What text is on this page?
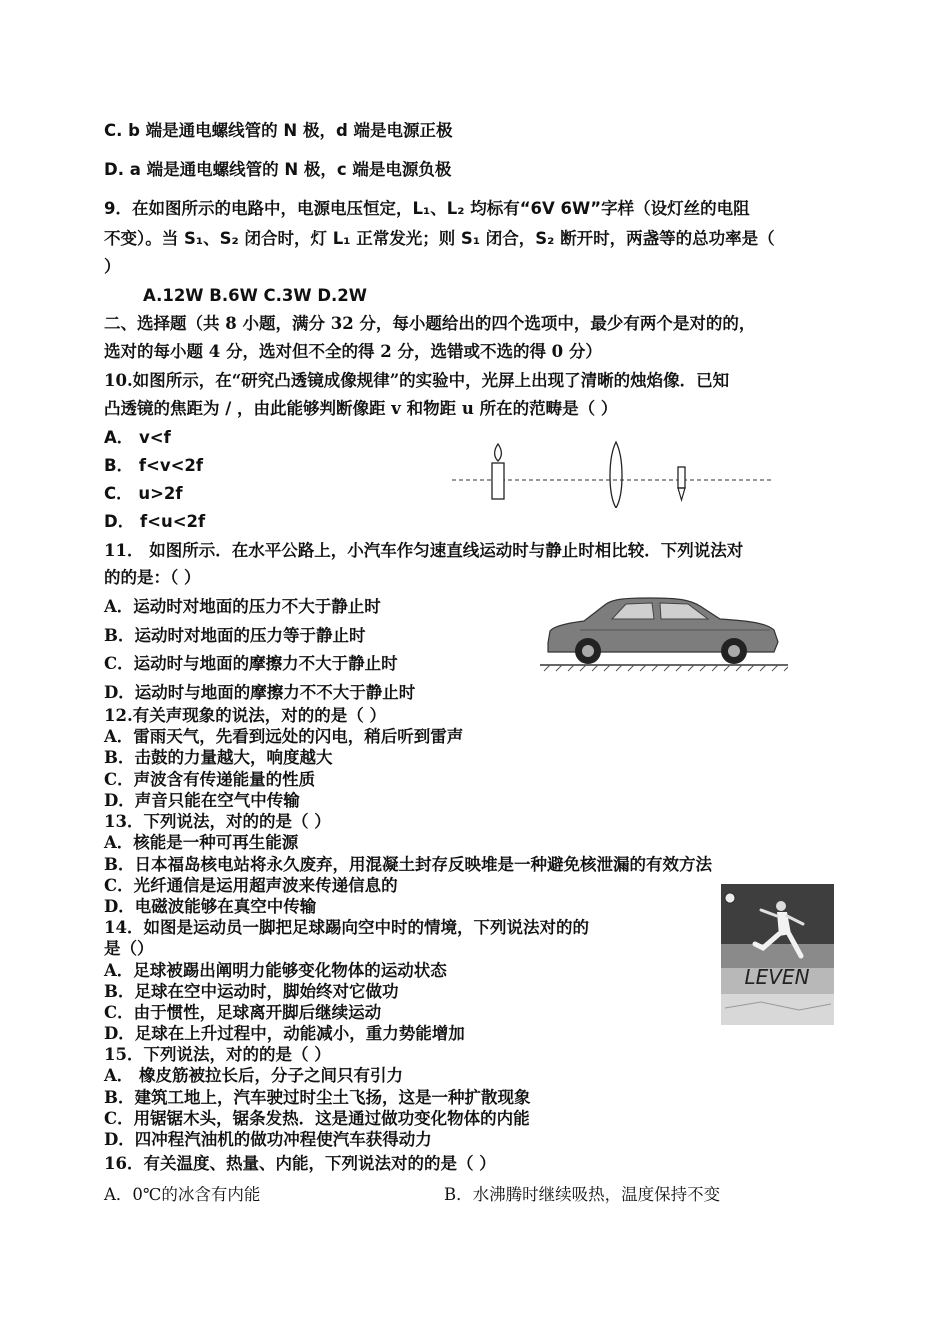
C. b 端是通电螺线管的 N 极，d 端是电源正极
D. a 端是通电螺线管的 N 极，c 端是电源负极
9．在如图所示的电路中，电源电压恒定，L₁、L₂ 均标有“6V 6W”字样（设灯丝的电阻
不变）。当 S₁、S₂ 闭合时，灯 L₁ 正常发光；则 S₁ 闭合，S₂ 断开时，两盏等的总功率是（
）
A.12W B.6W C.3W D.2W
二、选择题（共 8 小题，满分 32 分，每小题给出的四个选项中，最少有两个是对的的，
选对的每小题 4 分，选对但不全的得 2 分，选错或不选的得 0 分）
10.如图所示，在“研究凸透镜成像规律”的实验中，光屏上出现了清晰的烛焰像．已知
凸透镜的焦距为 / ，由此能够判断像距 v 和物距 u 所在的范畴是（ ）
A． v<f
B． f<v<2f
C． u>2f
D． f<u<2f
11． 如图所示．在水平公路上，小汽车作匀速直线运动时与静止时相比较．下列说法对
的的是：（ ）
A．运动时对地面的压力不大于静止时
B．运动时对地面的压力等于静止时
C．运动时与地面的摩擦力不大于静止时
D．运动时与地面的摩擦力不不大于静止时
12.有关声现象的说法，对的的是（ ）
A．雷雨天气，先看到远处的闪电，稍后听到雷声
B．击鼓的力量越大，响度越大
C．声波含有传递能量的性质
D．声音只能在空气中传输
13．下列说法，对的的是（ ）
A．核能是一种可再生能源
B．日本福岛核电站将永久废弃，用混凝土封存反映堆是一种避免核泄漏的有效方法
C．光纤通信是运用超声波来传递信息的
D．电磁波能够在真空中传输
14．如图是运动员一脚把足球踢向空中时的情境，下列说法对的的
是（）
A．足球被踢出阐明力能够变化物体的运动状态
B．足球在空中运动时，脚始终对它做功
C．由于惯性，足球离开脚后继续运动
D．足球在上升过程中，动能减小，重力势能增加
LEVEN
15．下列说法，对的的是（ ）
A． 橡皮筋被拉长后，分子之间只有引力
B．建筑工地上，汽车驶过时尘土飞扬，这是一种扩散现象
C．用锯锯木头，锯条发热．这是通过做功变化物体的内能
D．四冲程汽油机的做功冲程使汽车获得动力
16．有关温度、热量、内能，下列说法对的的是（ ）
A．0℃的冰含有内能	B．水沸腾时继续吸热，温度保持不变
